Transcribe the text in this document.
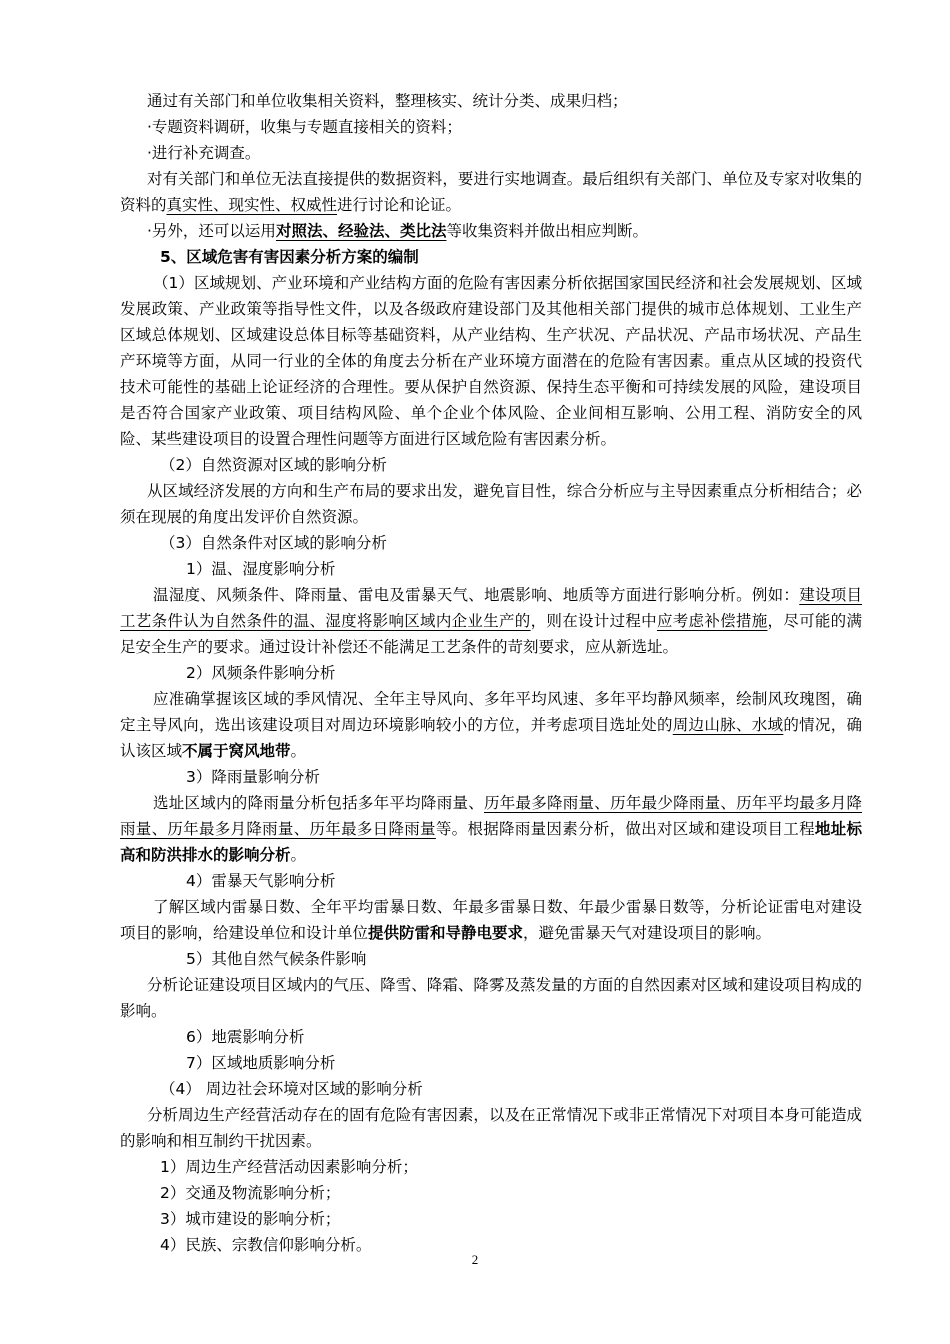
通过有关部门和单位收集相关资料，整理核实、统计分类、成果归档；

·专题资料调研，收集与专题直接相关的资料；

·进行补充调查。

对有关部门和单位无法直接提供的数据资料，要进行实地调查。最后组织有关部门、单位及专家对收集的资料的真实性、现实性、权威性进行讨论和论证。

·另外，还可以运用对照法、经验法、类比法等收集资料并做出相应判断。

5、区域危害有害因素分析方案的编制

（1）区域规划、产业环境和产业结构方面的危险有害因素分析依据国家国民经济和社会发展规划、区域发展政策、产业政策等指导性文件，以及各级政府建设部门及其他相关部门提供的城市总体规划、工业生产区域总体规划、区域建设总体目标等基础资料，从产业结构、生产状况、产品状况、产品市场状况、产品生产环境等方面，从同一行业的全体的角度去分析在产业环境方面潜在的危险有害因素。重点从区域的投资代技术可能性的基础上论证经济的合理性。要从保护自然资源、保持生态平衡和可持续发展的风险，建设项目是否符合国家产业政策、项目结构风险、单个企业个体风险、企业间相互影响、公用工程、消防安全的风险、某些建设项目的设置合理性问题等方面进行区域危险有害因素分析。

（2）自然资源对区域的影响分析

从区域经济发展的方向和生产布局的要求出发，避免盲目性，综合分析应与主导因素重点分析相结合；必须在现展的角度出发评价自然资源。

（3）自然条件对区域的影响分析

1）温、湿度影响分析

温湿度、风频条件、降雨量、雷电及雷暴天气、地震影响、地质等方面进行影响分析。例如：建设项目工艺条件认为自然条件的温、湿度将影响区域内企业生产的，则在设计过程中应考虑补偿措施，尽可能的满足安全生产的要求。通过设计补偿还不能满足工艺条件的苛刻要求，应从新选址。

2）风频条件影响分析

应准确掌握该区域的季风情况、全年主导风向、多年平均风速、多年平均静风频率，绘制风玫瑰图，确定主导风向，选出该建设项目对周边环境影响较小的方位，并考虑项目选址处的周边山脉、水域的情况，确认该区域不属于窝风地带。

3）降雨量影响分析

选址区域内的降雨量分析包括多年平均降雨量、历年最多降雨量、历年最少降雨量、历年平均最多月降雨量、历年最多月降雨量、历年最多日降雨量等。根据降雨量因素分析，做出对区域和建设项目工程地址标高和防洪排水的影响分析。

4）雷暴天气影响分析

了解区域内雷暴日数、全年平均雷暴日数、年最多雷暴日数、年最少雷暴日数等，分析论证雷电对建设项目的影响，给建设单位和设计单位提供防雷和导静电要求，避免雷暴天气对建设项目的影响。

5）其他自然气候条件影响

分析论证建设项目区域内的气压、降雪、降霜、降雾及蒸发量的方面的自然因素对区域和建设项目构成的影响。

6）地震影响分析

7）区域地质影响分析

（4） 周边社会环境对区域的影响分析

分析周边生产经营活动存在的固有危险有害因素，以及在正常情况下或非正常情况下对项目本身可能造成的影响和相互制约干扰因素。

1）周边生产经营活动因素影响分析；

2）交通及物流影响分析；

3）城市建设的影响分析；

4）民族、宗教信仰影响分析。

2
